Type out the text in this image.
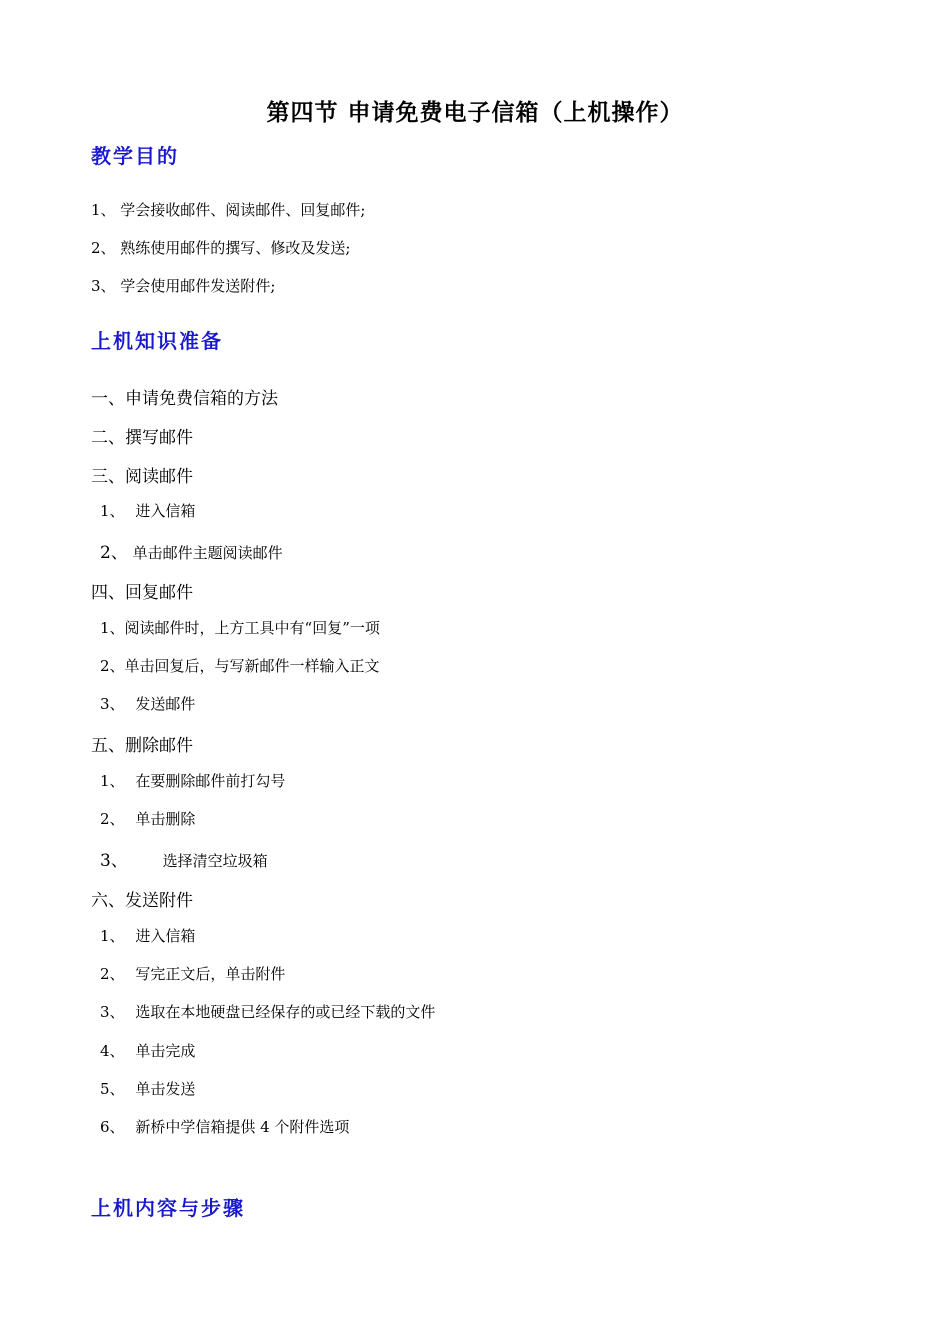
第四节 申请免费电子信箱（上机操作）
教学目的
1、 学会接收邮件、阅读邮件、回复邮件;
2、 熟练使用邮件的撰写、修改及发送;
3、 学会使用邮件发送附件;
上机知识准备
一、申请免费信箱的方法
二、撰写邮件
三、阅读邮件
1、 进入信箱
2、 单击邮件主题阅读邮件
四、回复邮件
1、阅读邮件时，上方工具中有“回复”一项
2、单击回复后，与写新邮件一样输入正文
3、 发送邮件
五、删除邮件
1、 在要删除邮件前打勾号
2、 单击删除
3、 选择清空垃圾箱
六、发送附件
1、 进入信箱
2、 写完正文后，单击附件
3、 选取在本地硬盘已经保存的或已经下载的文件
4、 单击完成
5、 单击发送
6、 新桥中学信箱提供 4 个附件选项
上机内容与步骤
